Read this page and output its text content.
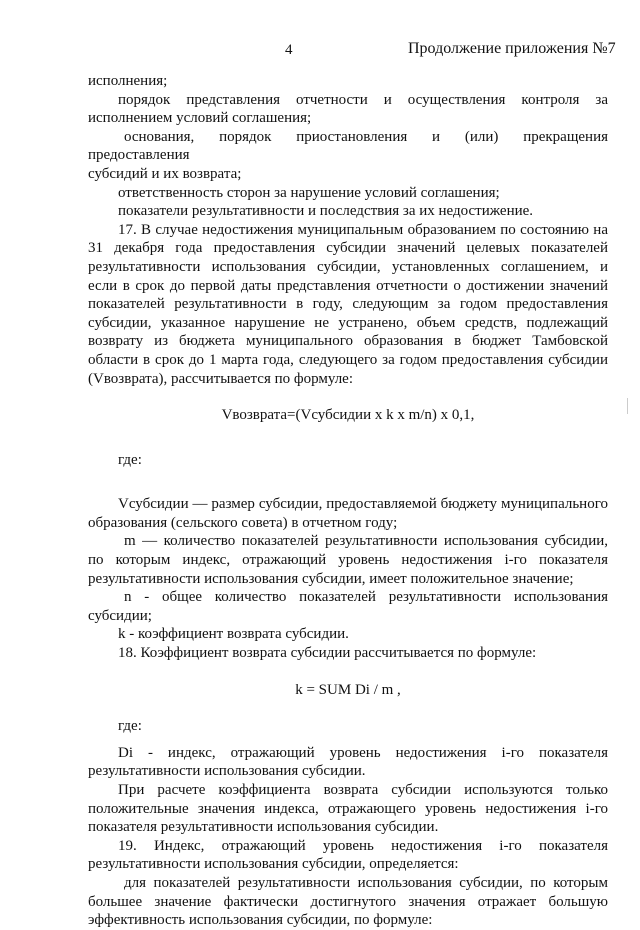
4	Продолжение приложения №7

исполнения;

порядок представления отчетности и осуществления контроля за

исполнением условий соглашения;

основания, порядок приостановления и (или) прекращения предоставления

субсидий и их возврата;

ответственность сторон за нарушение условий соглашения;

показатели результативности и последствия за их недостижение.

17. В случае недостижения муниципальным образованием по состоянию на

31 декабря года предоставления субсидии значений целевых показателей

результативности использования субсидии, установленных соглашением, и

если в срок до первой даты представления отчетности о достижении значений

показателей результативности в году, следующим за годом предоставления

субсидии, указанное нарушение не устранено, объем средств, подлежащий

возврату из бюджета муниципального образования в бюджет Тамбовской

области в срок до 1 марта года, следующего за годом предоставления субсидии

(Vвозврата), рассчитывается по формуле:

Vвозврата=(Vсубсидии x k x m/n) x 0,1,

где:

Vсубсидии — размер субсидии, предоставляемой бюджету муниципального

образования (сельского совета) в отчетном году;

m — количество показателей результативности использования субсидии,

по которым индекс, отражающий уровень недостижения i-го показателя

результативности использования субсидии, имеет положительное значение;

n - общее количество показателей результативности использования

субсидии;

k - коэффициент возврата субсидии.

18. Коэффициент возврата субсидии рассчитывается по формуле:

k = SUM Di / m ,

где:

Di - индекс, отражающий уровень недостижения i-го показателя

результативности использования субсидии.

При расчете коэффициента возврата субсидии используются только

положительные значения индекса, отражающего уровень недостижения i-го

показателя результативности использования субсидии.

19. Индекс, отражающий уровень недостижения i-го показателя

результативности использования субсидии, определяется:

для показателей результативности использования субсидии, по которым

большее значение фактически достигнутого значения отражает большую

эффективность использования субсидии, по формуле:
